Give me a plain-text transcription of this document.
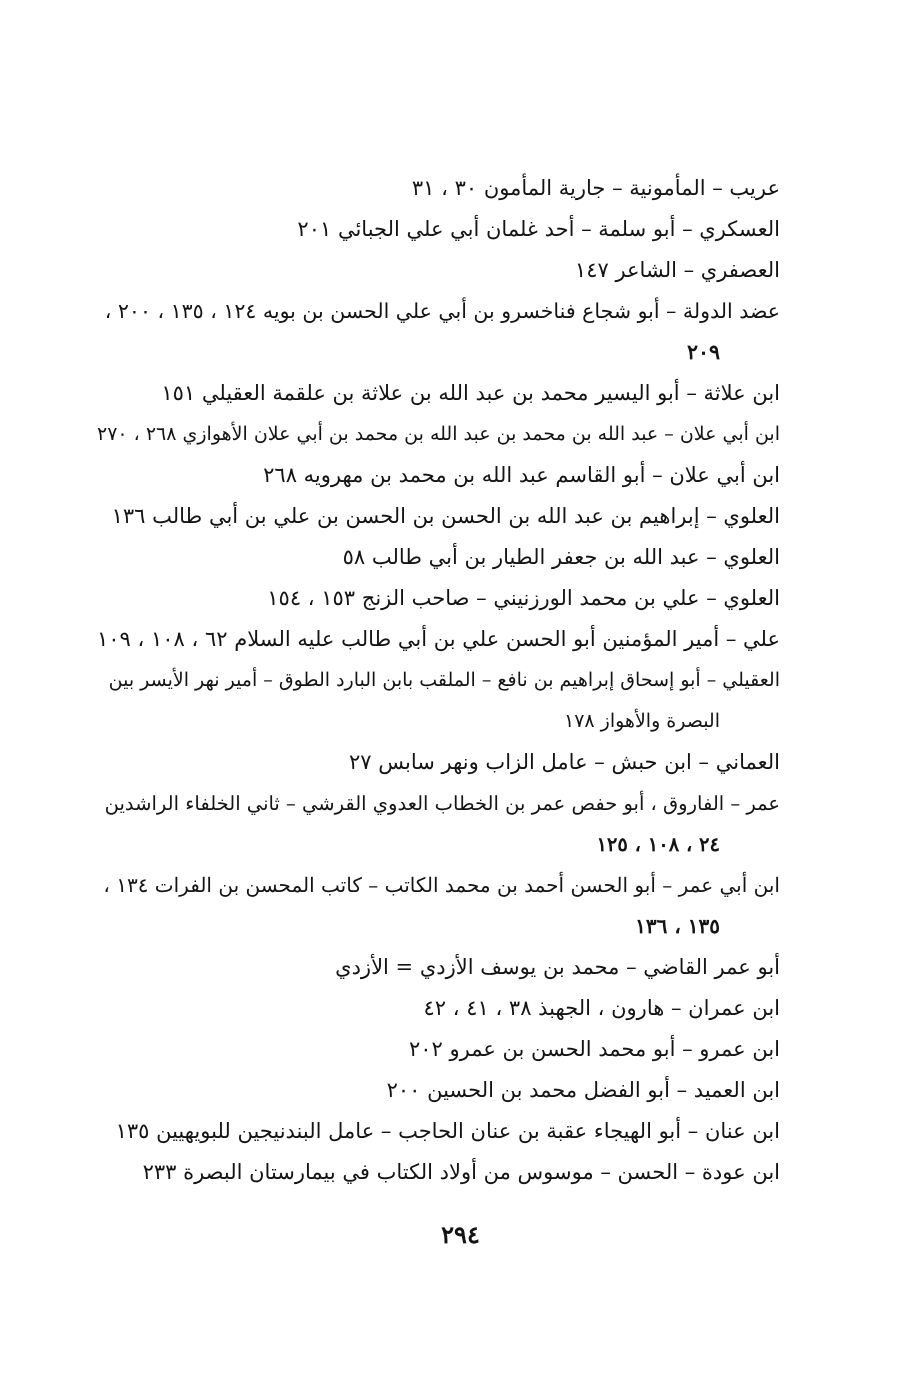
عريب – المأمونية – جارية المأمون ٣٠ ، ٣١
العسكري – أبو سلمة – أحد غلمان أبي علي الجبائي ٢٠١
العصفري – الشاعر ١٤٧
عضد الدولة – أبو شجاع فناخسرو بن أبي علي الحسن بن بويه ١٢٤ ، ١٣٥ ، ٢٠٠ ،
٢٠٩
ابن علاثة – أبو اليسير محمد بن عبد الله بن علاثة بن علقمة العقيلي ١٥١
ابن أبي علان – عبد الله بن محمد بن عبد الله بن محمد بن أبي علان الأهوازي ٢٦٨ ، ٢٧٠
ابن أبي علان – أبو القاسم عبد الله بن محمد بن مهرويه ٢٦٨
العلوي – إبراهيم بن عبد الله بن الحسن بن الحسن بن علي بن أبي طالب ١٣٦
العلوي – عبد الله بن جعفر الطيار بن أبي طالب ٥٨
العلوي – علي بن محمد الورزنيني – صاحب الزنج ١٥٣ ، ١٥٤
علي – أمير المؤمنين أبو الحسن علي بن أبي طالب عليه السلام ٦٢ ، ١٠٨ ، ١٠٩
العقيلي – أبو إسحاق إبراهيم بن نافع – الملقب بابن البارد الطوق – أمير نهر الأيسر بين
البصرة والأهواز ١٧٨
العماني – ابن حبش – عامل الزاب ونهر سابس ٢٧
عمر – الفاروق ، أبو حفص عمر بن الخطاب العدوي القرشي – ثاني الخلفاء الراشدين
٢٤ ، ١٠٨ ، ١٢٥
ابن أبي عمر – أبو الحسن أحمد بن محمد الكاتب – كاتب المحسن بن الفرات ١٣٤ ،
١٣٥ ، ١٣٦
أبو عمر القاضي – محمد بن يوسف الأزدي = الأزدي
ابن عمران – هارون ، الجهبذ ٣٨ ، ٤١ ، ٤٢
ابن عمرو – أبو محمد الحسن بن عمرو ٢٠٢
ابن العميد – أبو الفضل محمد بن الحسين ٢٠٠
ابن عنان – أبو الهيجاء عقبة بن عنان الحاجب – عامل البندنيجين للبويهيين ١٣٥
ابن عودة – الحسن – موسوس من أولاد الكتاب في بيمارستان البصرة ٢٣٣
٢٩٤
